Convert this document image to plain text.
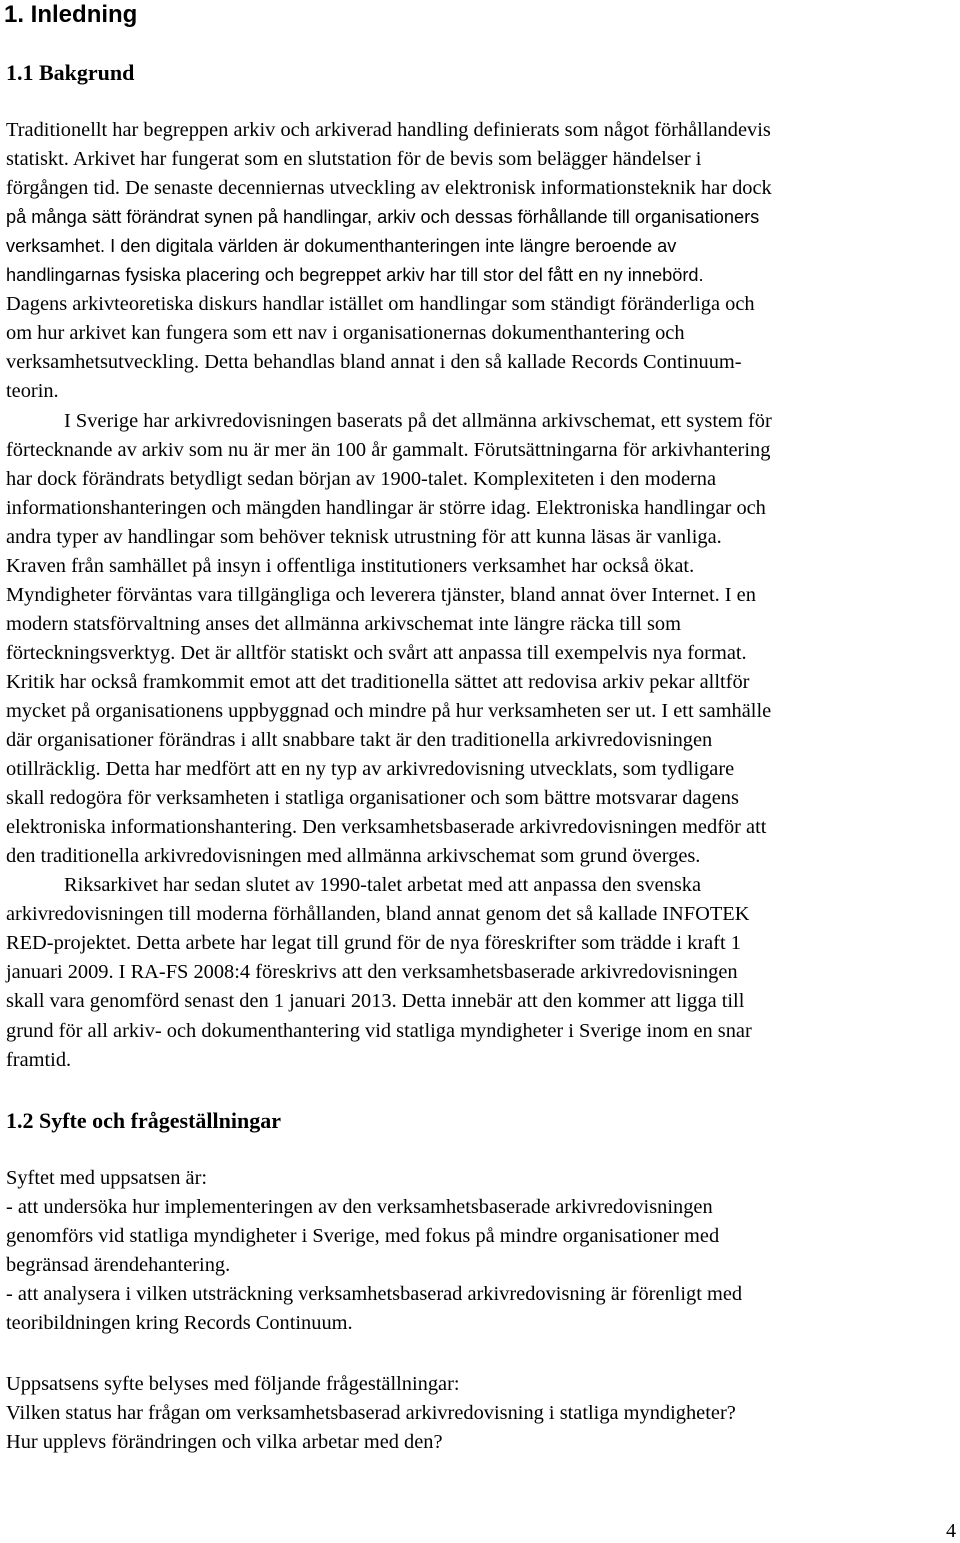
1. Inledning
1.1 Bakgrund
Traditionellt har begreppen arkiv och arkiverad handling definierats som något förhållandevis
statiskt. Arkivet har fungerat som en slutstation för de bevis som belägger händelser i
förgången tid. De senaste decenniernas utveckling av elektronisk informationsteknik har dock
på många sätt förändrat synen på handlingar, arkiv och dessas förhållande till organisationers
verksamhet. I den digitala världen är dokumenthanteringen inte längre beroende av
handlingarnas fysiska placering och begreppet arkiv har till stor del fått en ny innebörd.
Dagens arkivteoretiska diskurs handlar istället om handlingar som ständigt föränderliga och
om hur arkivet kan fungera som ett nav i organisationernas dokumenthantering och
verksamhetsutveckling. Detta behandlas bland annat i den så kallade Records Continuum-
teorin.
I Sverige har arkivredovisningen baserats på det allmänna arkivschemat, ett system för
förtecknande av arkiv som nu är mer än 100 år gammalt. Förutsättningarna för arkivhantering
har dock förändrats betydligt sedan början av 1900-talet. Komplexiteten i den moderna
informationshanteringen och mängden handlingar är större idag. Elektroniska handlingar och
andra typer av handlingar som behöver teknisk utrustning för att kunna läsas är vanliga.
Kraven från samhället på insyn i offentliga institutioners verksamhet har också ökat.
Myndigheter förväntas vara tillgängliga och leverera tjänster, bland annat över Internet. I en
modern statsförvaltning anses det allmänna arkivschemat inte längre räcka till som
förteckningsverktyg. Det är alltför statiskt och svårt att anpassa till exempelvis nya format.
Kritik har också framkommit emot att det traditionella sättet att redovisa arkiv pekar alltför
mycket på organisationens uppbyggnad och mindre på hur verksamheten ser ut. I ett samhälle
där organisationer förändras i allt snabbare takt är den traditionella arkivredovisningen
otillräcklig. Detta har medfört att en ny typ av arkivredovisning utvecklats, som tydligare
skall redogöra för verksamheten i statliga organisationer och som bättre motsvarar dagens
elektroniska informationshantering. Den verksamhetsbaserade arkivredovisningen medför att
den traditionella arkivredovisningen med allmänna arkivschemat som grund överges.
Riksarkivet har sedan slutet av 1990-talet arbetat med att anpassa den svenska
arkivredovisningen till moderna förhållanden, bland annat genom det så kallade INFOTEK
RED-projektet. Detta arbete har legat till grund för de nya föreskrifter som trädde i kraft 1
januari 2009. I RA-FS 2008:4 föreskrivs att den verksamhetsbaserade arkivredovisningen
skall vara genomförd senast den 1 januari 2013. Detta innebär att den kommer att ligga till
grund för all arkiv- och dokumenthantering vid statliga myndigheter i Sverige inom en snar
framtid.
1.2 Syfte och frågeställningar
Syftet med uppsatsen är:
- att undersöka hur implementeringen av den verksamhetsbaserade arkivredovisningen
genomförs vid statliga myndigheter i Sverige, med fokus på mindre organisationer med
begränsad ärendehantering.
- att analysera i vilken utsträckning verksamhetsbaserad arkivredovisning är förenligt med
teoribildningen kring Records Continuum.
Uppsatsens syfte belyses med följande frågeställningar:
Vilken status har frågan om verksamhetsbaserad arkivredovisning i statliga myndigheter?
Hur upplevs förändringen och vilka arbetar med den?
4
